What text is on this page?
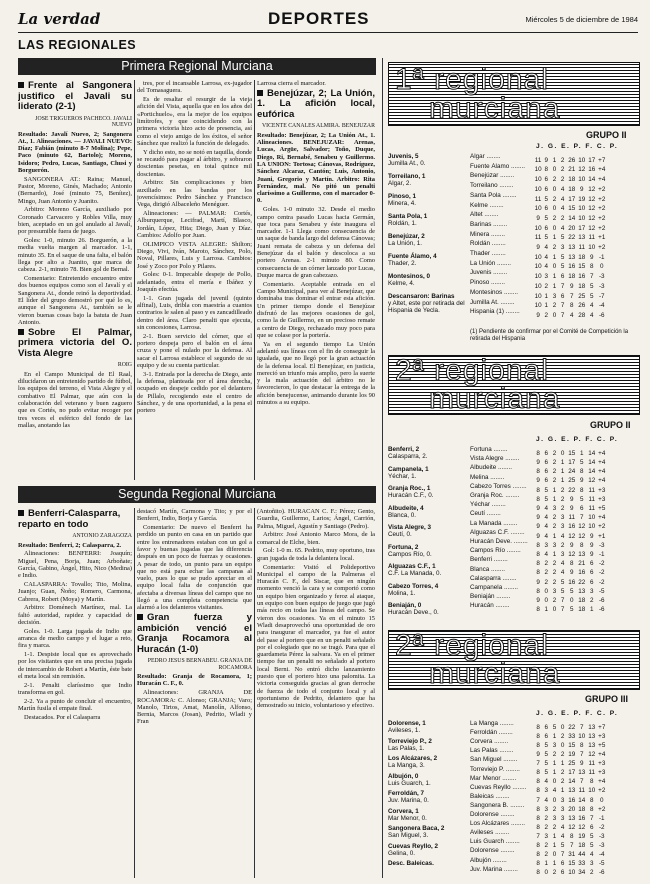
La verdad	DEPORTES	Miércoles 5 de diciembre de 1984
LAS REGIONALES
Primera Regional Murciana
Frente al Sangonera justifico el Javali su liderato (2-1)

JOSE TRIGUEROS PACHECO. JAVALI NUEVO

Resultado: Javalí Nuevo, 2; Sangonera At., 1. Alineaciones. — JAVALI NUEVO: Díaz; Fabián (minuto 8-7 Molina); Pepe, Paco (minuto 62, Bartolo); Moreno, Isidoro; Pedro, Lucas, Santiago, Chusi y Borguerón.

SANGONERA AT.: Raina; Manuel, Pastor, Moreno, Ginés, Machado; Antonio (Bernardo), José (minuto 75, Benítez), Mingo, Juan Antonio y Juanito.

Arbitro: Moreno García, auxiliado por Coronado Carvacero y Robles Villa, muy bien, aceptado en un gol anulado al Javalí, por presumible fuera de juego.

Goles: 1-0, minuto 26. Borguerón, a la media vuelta margen al marcador. 1-1, minuto 35. En el saque de una falta, el balón llega por alto a Juanito, que marca de cabeza. 2-1, minuto 78. Bien gol de Bernal.

Comentario: Entretenido encuentro entre dos buenos equipos como son el Javalí y el Sangonera At., donde reinó la deportividad. El líder del grupo demostró por qué lo es, aunque el Sangonera At., también se le vieron buenas cosas bajo la batuta de Juan Antonio.

Sobre El Palmar, primera victoria del O. Vista Alegre

ROIG

En el Campo Municipal de El Raal, dilucidaron un entretenido partido de fútbol, los equipos del terreno, el Vista Alegre y el combativo El Palmar, que aún con la colaboración del veterano y buen zaguero que es Cortés, no pudo evitar recoger por tres veces el esférico del fondo de las mallas, anotando las

tres, por el incansable Larrosa, ex-jugador del Tomasaguera.

Es de resaltar el resurgir de la vieja afición del Vista, aquella que en los años del «Portichuelo», era la mejor de los equipos limítrofes, y que coincidiendo con la primera victoria hizo acto de presencia, así como el viejo amigo de los éxitos, el señor Sánchez que realizó la función de delegado.

Y dicho esto, no se notó en taquilla, donde se recaudó para pagar al árbitro, y sobraron doscientas pesetas, en total quince mil doscientas.

Arbitro: Sin complicaciones y bien auxiliado en las bandas por los jovencísimos: Pedro Sánchez y Francisco Vega, dirigió Albaceleño Menéguer.

Alineaciones: — PALMAR: Cortés, Alburquerque, Lecifrad, Martí, Blasco, Jordán, López, Hita; Diego, Juan y Díaz. Cambios: Adolfo por Juan.

OLIMPICO VISTA ALEGRE: Shilton; Diego, Vivi, Iván, Maroto, Sánchez, Polo, Noval, Pillares, Luis y Larrosa. Cambios: José y Zoco por Polo y Pilares.

Goles: 0-1. Impecable despeje de Pollo, adelantado, entra el mería e Ibáñez y Joaquín efectúa.

1-1. Gran jugada del juvenil (quinto alfinal), Luis, dribla con maestría a cuantos contrarios le salen al paso y es zancadilleado dentro del área. Claro penalti que ejecuta, sin concesiones, Larrosa.

2-1. Buen servicio del córner, que el portero despeja pero el balón en el área cruza y pone el nulado por la defensa. Al sacar el Larrosa establece el segundo de su equipo y de su cuenta particular.

3-1. Entrada por la derecha de Diego, ante la defensa, planteada por el área derecha, ocupado en despeje cedido por el delantero de Pillalo, recogiendo este el centro de Sánchez, y de una oportunidad, a la pena el portero

Larrosa cierra el marcador.

Benejúzar, 2; La Unión, 1. La afición local, eufórica

VICENTE CANALES ALMIRA. BENEJUZAR

Resultado: Benejúzar, 2; La Unión At., 1. Alineaciones. BENEJUZAR: Arenas, Lucas, Argüe, Salvador; Toño, Duque, Diego, Ri, Bernabé, Senabeu y Guillermo. LA UNION: Tortosa; Cánovas, Rodríguez, Sánchez Alcaraz, Cantón; Luis, Antonio, Juani, Gregorio y Martín. Arbitro: Rita Fernández, mal. No pitó un penalti claríssimo a Guillermo, con el marcador 0-0.

Goles. 1-0 minuto 32. Desde el medio campo centra pasado Lucas hacia Germán, que toca para Senabeu y éste inaugura el marcador. 1-1 Llega como consecuencia de un saque de banda largo del defensa Cánovas; Juani remata de cabeza y un defensa del Benejúzar da el balón y descoloca a su portero Arenas. 2-1 minuto 80. Como consecuencia de un córner lanzado por Lucas, Duque marca de gran cabezazo.

Comentario. Aceptable entrada en el Campo Municipal, para ver al Benejúzar, que dominaba tras dominar el entrar esta afición. Un primer tiempo donde el Benejúzar disfrutó de las mejores ocasiones de gol, como la de Guillermo, en un precioso remate a centro de Diego, rechazado muy poco para que se colase por la portería.

Ya en el segundo tiempo La Unión adelantó sus líneas con el fin de conseguir la igualada, que no llegó por la gran actuación de la defensa local. El Benejúzar, en justicia, mereció un triunfo más amplio, pero la suerte y la mala actuación del árbitro no le favorecieron, lo que destacar la entrega de la afición benejucense, animando durante los 90 minutos a su equipo.

Segunda Regional Murciana
Benferri-Calasparra, reparto en todo

ANTONIO ZARAGOZA

Resultado: Benferri, 2; Calasparra, 2.

Alineaciones: BENFERRI: Joaquín; Miguel, Pena, Borja, Juan; Arboñate; García, Gabino, Ángel, Hito, Nico (Medina) e Indio.

CALASPARRA: Tovallo; Tito, Molina, Juanjo; Guan, Ñoño; Romero, Carmona, Cabrera, Robert (Moya) y Martín.

Arbitro: Doménech Martínez, mal. La faltó autoridad, rapidez y capacidad de decisión.

Goles. 1-0. Larga jugada de Indio que arranca de medio campo y el lugar a reto, fira y marca.

1-1. Despiste local que es aprovechado por los visitantes que en una precisa jugada de intercambio de Robert a Martín, éste bate el meta local sin remisión.

2-1. Penalti claríssimo que Indio transforma en gol.

2-2. Ya a punto de concluir el encuentro, Martín fusila el empate final.

Destacados. Por el Calasparra

destacó Martín, Carmona y Tito; y por el Benferri, Indio, Borja y García.

Comentario: De nuevo el Benferri ha perdido un punto en casa en un partido que entre los entrenadores estaban con un gol a favor y buenas jugadas que las diferencia después en un poco de fuerzas y ocasiones. A pesar de todo, un punto para un equipo que no está para echar las campanas al vuelo, pues lo que se pudo apreciar en el equipo local falta de conjunción que afectaba a diversas líneas del campo que no llegó a una completa competencia que alarmó a los delanteros visitantes.

Gran fuerza y ambición venció el Granja Rocamora al Huracán (1-0)

PEDRO JESUS BERNABEU. GRANJA DE ROCAMORA

Resultado: Granja de Rocamora, 1; Huracán C. F., 0.

Alineaciones: GRANJA DE ROCAMORA: C. Alonso; GRANJA; Varo; Manolo, Tirtos, Amat, Manolín, Alfonso, Bernia, Marcos (Josan), Pedrito, Wladi y Fran

(Antoñito). HURACAN C. F.: Pérez; Gento, Guardia, Guillermo, Larios; Ángel, Carrión, Palma, Miguel, Agustín y Santiago (Pedro).

Arbitro: José Antonio Marco Mora, de la comarcal de Elche, bien.

Gol: 1-0 m. 65. Pedrito, muy oportuno, tras gran jugada de toda la delantera local.

Comentario: Visitó el Polideportivo Municipal el campo de la Palmeras el Huracán C. F., del Siscar, que en ningún momento venció la cara y se comportó como un equipo bien organizado y feroz al ataque, un equipo con buen equipo de juego que jugó más recio en todas las líneas del campo. Se vieron dos ocasiones. Ya en el minuto 15 Wladi desaprovechó una oportunidad de oro para inaugurar el marcador, ya fue el autor del pase al portero que en un penalti señalado por el colegiado que no se tragó. Para que el guardameta Pérez la salvara. Ya en el primer tiempo fue un penalti no señalado al portero local Berni. No entró dicho lanzamiento puesto que el portero hizo una palomita. La victoria conseguida gracias al gran derroche de fuerza de todo el conjunto local y al oportunismo de Pedrito, delantero que ha demostrado su inicio, voluntarioso y efectivo.

1ª regional
murciana
GRUPO II
Juvenis, 5
Jumilla At., 0.
Torreilano, 1
Algar, 2.
Pinoso, 1
Minera, 4.
Santa Pola, 1
Roldán, 1.
Benejúzar, 2
La Unión, 1.
Fuente Álamo, 4
Thader, 2.
Montesinos, 0
Kelme, 4.
Descansaron: Barinas
y Altet, este por retirada del Hispania de Yecla.
J. G. E. P. F. C. P.
Algar ........11 9 1 2 26 10 17 +7
Fuente Álamo ........10 8 0 2 21 12 16 +4
Benejúzar ........10 6 2 2 18 10 14 +4
Torreilano ........10 6 0 4 18 9 12 +2
Santa Pola ........11 5 2 4 17 19 12 +2
Kelme ........10 6 0 4 15 10 12 +2
Altet ........9 5 2 2 14 10 12 +2
Barinas ........10 6 0 4 20 17 12 +2
Minera ........11 5 1 5 22 13 11 +1
Roldán ........9 4 2 3 13 11 10 +2
Thader ........10 4 1 5 13 18 9 -1
La Unión ........10 4 0 5 16 15 8 0
Juvenis ........10 3 1 6 18 16 7 -3
Pinoso ........10 2 1 7 9 18 5 -3
Montesinos ........10 1 3 6 7 25 5 -7
Jumilla At. ........10 1 2 7 8 26 4 -4
Hispania (1) ........9 2 0 7 4 28 4 -6
(1) Pendiente de confirmar por el Comité de Competición la retirada del Hispania
2ª regional
murciana
GRUPO II
Benferri, 2
Calasparra, 2.
Campanela, 1
Yéchar, 1.
Granja Roc., 1
Huracán C.F., 0.
Albudeite, 4
Blanca, 0.
Vista Alegre, 3
Ceutí, 0.
Fortuna, 2
Campos Río, 0.
Alguazas C.F., 1
C.F. La Manada, 0.
Cabezo Torres, 4
Molina, 1.
Beniaján, 0
Huracán Deve., 0.
J. G. E. P. F. C. P.
Fortuna ........8 6 2 0 15 1 14 +4
Vista Alegre ........9 6 2 1 17 5 14 +4
Albudeite ........8 6 2 1 24 8 14 +4
Melina ........9 6 2 1 25 9 12 +4
Cabezo Torres ........8 5 1 2 22 8 11 +3
Granja Roc. ........8 5 1 2 9 5 11 +3
Yéchar ........9 4 3 2 9 6 11 +5
Ceutí ........9 4 2 3 11 7 10 +4
La Manada ........9 4 2 3 16 12 10 +2
Alguazas C.F. ........9 4 1 4 12 12 9 +1
Huracán Deve. ........8 3 3 2 9 8 9 -3
Campos Río ........8 4 1 3 12 13 9 -1
Benferri ........8 2 2 4 8 21 6 -2
Blanca ........8 2 2 4 9 16 6 -2
Calasparra ........9 2 2 5 16 22 6 -2
Campanela ........8 0 3 5 5 13 3 -5
Beniaján ........9 0 2 7 0 18 2 -6
Huracán ........8 1 0 7 5 18 1 -6
2ª regional
murciana
GRUPO III
Dolorense, 1
Avileses, 1.
Torreviejo P., 2
Las Palas, 1.
Los Alcázares, 2
La Manga, 3.
Albujón, 0
Luis Guarch, 1.
Ferroldán, 7
Juv. Marina, 0.
Corvera, 1
Mar Menor, 0.
Sangonera Baca, 2
San Miguel, 3.
Cuevas Reyllo, 2
Gelina, 0.
Desc. Baleicas.

J. G. E. P. F. C. P.
La Manga ........8 6 5 0 22 7 13 +7
Ferroldán ........8 6 1 2 33 10 13 +3
Corvera ........8 5 3 0 15 8 13 +5
Las Palas ........9 5 2 2 19 7 12 +4
San Miguel ........7 5 1 1 25 9 11 +3
Torreviejo P. ........8 5 1 2 17 13 11 +3
Mar Menor ........8 4 0 2 14 7 8 +4
Cuevas Reyllo ........8 3 4 1 13 11 10 +2
Baleicas ........7 4 0 3 16 14 8 0
Sangonera B. ........8 3 2 3 20 18 8 +2
Dolorense ........8 2 3 3 13 16 7 -1
Los Alcázares ........8 2 2 4 12 12 6 -2
Avileses ........7 3 1 4 8 19 5 -3
Luis Guarch ........8 2 1 5 7 18 5 -3
Dolorense ........8 2 0 7 31 44 4 -4
Albujón ........8 1 1 6 15 33 3 -5
Juv. Marina ........8 0 2 6 10 34 2 -6
